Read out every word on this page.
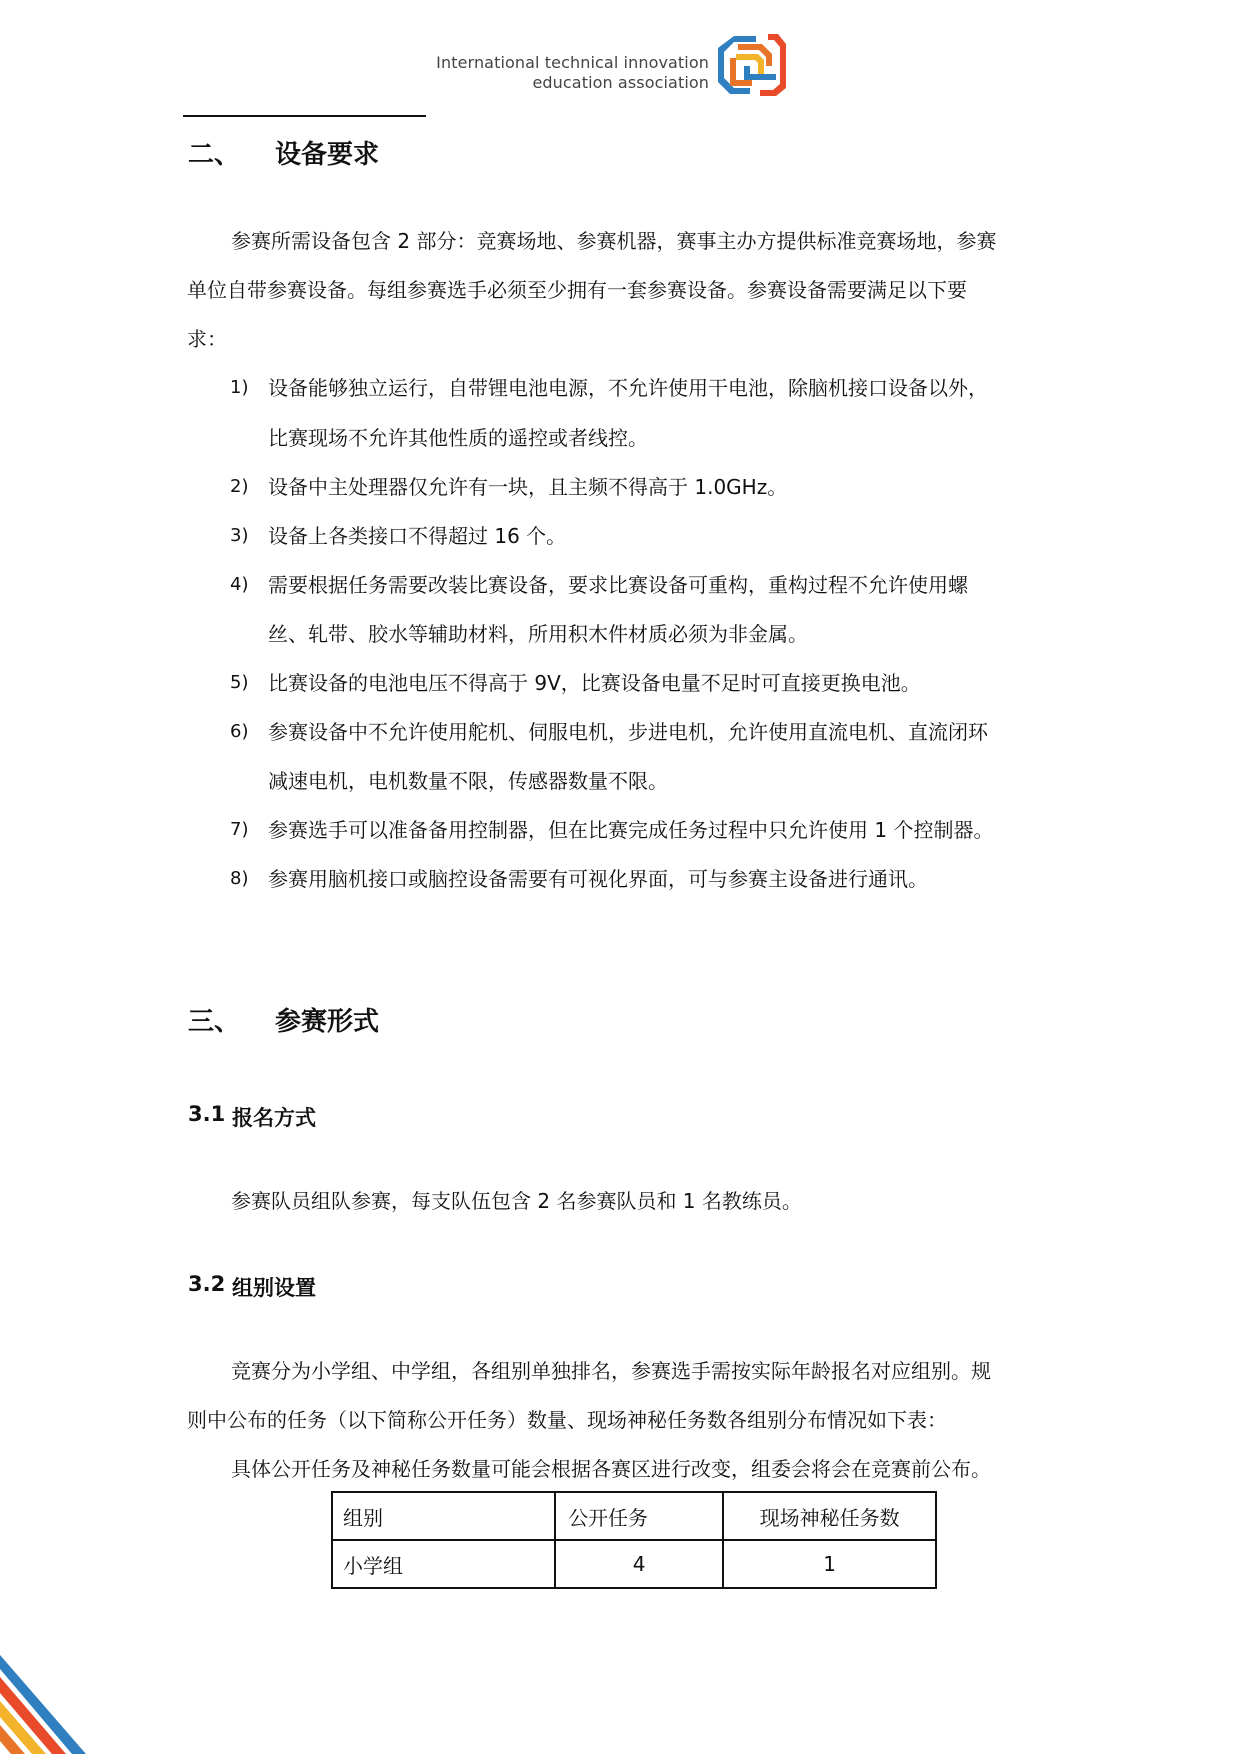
International technical innovation
education association
二、 设备要求
参赛所需设备包含 2 部分：竞赛场地、参赛机器，赛事主办方提供标准竞赛场地，参赛
单位自带参赛设备。每组参赛选手必须至少拥有一套参赛设备。参赛设备需要满足以下要
求：
1) 设备能够独立运行，自带锂电池电源，不允许使用干电池，除脑机接口设备以外，
比赛现场不允许其他性质的遥控或者线控。
2) 设备中主处理器仅允许有一块，且主频不得高于 1.0GHz。
3) 设备上各类接口不得超过 16 个。
4) 需要根据任务需要改装比赛设备，要求比赛设备可重构，重构过程不允许使用螺
丝、轧带、胶水等辅助材料，所用积木件材质必须为非金属。
5) 比赛设备的电池电压不得高于 9V，比赛设备电量不足时可直接更换电池。
6) 参赛设备中不允许使用舵机、伺服电机，步进电机，允许使用直流电机、直流闭环
减速电机，电机数量不限，传感器数量不限。
7) 参赛选手可以准备备用控制器，但在比赛完成任务过程中只允许使用 1 个控制器。
8) 参赛用脑机接口或脑控设备需要有可视化界面，可与参赛主设备进行通讯。
三、 参赛形式
3.1 报名方式
参赛队员组队参赛，每支队伍包含 2 名参赛队员和 1 名教练员。
3.2 组别设置
竞赛分为小学组、中学组，各组别单独排名，参赛选手需按实际年龄报名对应组别。规
则中公布的任务（以下简称公开任务）数量、现场神秘任务数各组别分布情况如下表：
具体公开任务及神秘任务数量可能会根据各赛区进行改变，组委会将会在竞赛前公布。
组别	公开任务	现场神秘任务数
小学组	4	1
